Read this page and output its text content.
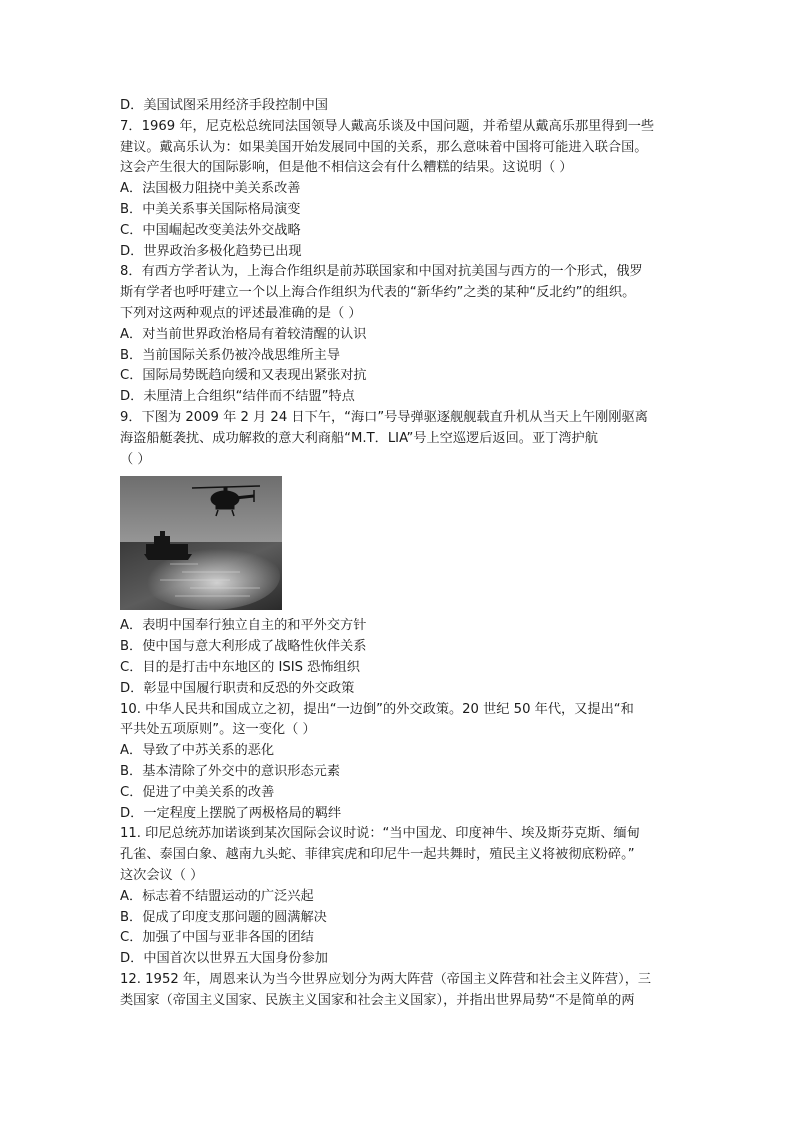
D．美国试图采用经济手段控制中国
7．1969 年，尼克松总统同法国领导人戴高乐谈及中国问题，并希望从戴高乐那里得到一些
建议。戴高乐认为：如果美国开始发展同中国的关系，那么意味着中国将可能进入联合国。
这会产生很大的国际影响，但是他不相信这会有什么糟糕的结果。这说明（ ）
A．法国极力阻挠中美关系改善
B．中美关系事关国际格局演变
C．中国崛起改变美法外交战略
D．世界政治多极化趋势已出现
8．有西方学者认为，上海合作组织是前苏联国家和中国对抗美国与西方的一个形式，俄罗
斯有学者也呼吁建立一个以上海合作组织为代表的“新华约”之类的某种“反北约”的组织。
下列对这两种观点的评述最准确的是（ ）
A．对当前世界政治格局有着较清醒的认识
B．当前国际关系仍被冷战思维所主导
C．国际局势既趋向缓和又表现出紧张对抗
D．未厘清上合组织“结伴而不结盟”特点
9．下图为 2009 年 2 月 24 日下午，“海口”号导弹驱逐舰舰载直升机从当天上午刚刚驱离
海盗船艇袭扰、成功解救的意大利商船“M.T．LIA”号上空巡逻后返回。亚丁湾护航
（ ）
A．表明中国奉行独立自主的和平外交方针
B．使中国与意大利形成了战略性伙伴关系
C．目的是打击中东地区的 ISIS 恐怖组织
D．彰显中国履行职责和反恐的外交政策
10. 中华人民共和国成立之初，提出“一边倒”的外交政策。20 世纪 50 年代，又提出“和
平共处五项原则”。这一变化（ ）
A．导致了中苏关系的恶化
B．基本清除了外交中的意识形态元素
C．促进了中美关系的改善
D．一定程度上摆脱了两极格局的羁绊
11. 印尼总统苏加诺谈到某次国际会议时说：“当中国龙、印度神牛、埃及斯芬克斯、缅甸
孔雀、泰国白象、越南九头蛇、菲律宾虎和印尼牛一起共舞时，殖民主义将被彻底粉碎。”
这次会议（ ）
A．标志着不结盟运动的广泛兴起
B．促成了印度支那问题的圆满解决
C．加强了中国与亚非各国的团结
D．中国首次以世界五大国身份参加
12. 1952 年，周恩来认为当今世界应划分为两大阵营（帝国主义阵营和社会主义阵营），三
类国家（帝国主义国家、民族主义国家和社会主义国家），并指出世界局势“不是简单的两
